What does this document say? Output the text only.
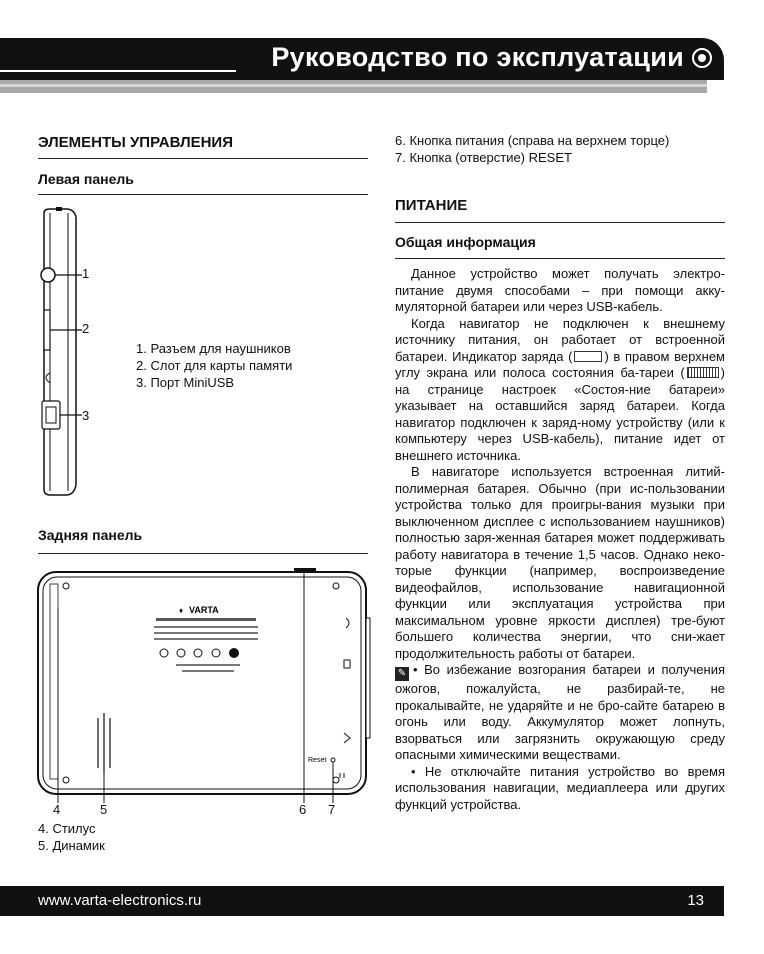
Руководство по эксплуатации
ЭЛЕМЕНТЫ УПРАВЛЕНИЯ
Левая панель
1
2
3
1. Разъем для наушников
2. Слот для карты памяти
3. Порт MiniUSB
Задняя панель
♦ VARTA
Reset
4	5	6 7
4. Стилус
5. Динамик
6. Кнопка питания (справа на верхнем торце)
7. Кнопка (отверстие) RESET
ПИТАНИЕ
Общая информация

Данное устройство может получать электро-питание двумя способами – при помощи акку-муляторной батареи или через USB-кабель.

Когда навигатор не подключен к внешнему источнику питания, он работает от встроенной батареи. Индикатор заряда ( ) в правом верхнем углу экрана или полоса состояния ба-тареи (	) на странице настроек «Состоя-ние батареи» указывает на оставшийся заряд батареи. Когда навигатор подключен к заряд-ному устройству (или к компьютеру через USB-кабель), питание идет от внешнего источника.

В навигаторе используется встроенная литий-полимерная батарея. Обычно (при ис-пользовании устройства только для проигры-вания музыки при выключенном дисплее с использованием наушников) полностью заря-женная батарея может поддерживать работу навигатора в течение 1,5 часов. Однако неко-торые функции (например, воспроизведение видеофайлов, использование навигационной функции или эксплуатация устройства при максимальном уровне яркости дисплея) тре-буют большего количества энергии, что сни-жает продолжительность работы от батареи.

✎ • Во избежание возгорания батареи и получения ожогов, пожалуйста, не разбирай-те, не прокалывайте, не ударяйте и не бро-сайте батарею в огонь или воду. Аккумулятор может лопнуть, взорваться или загрязнить окружающую среду опасными химическими веществами.

• Не отключайте питания устройство во время использования навигации, медиаплеера или других функций устройства.

www.varta-electronics.ru	13
